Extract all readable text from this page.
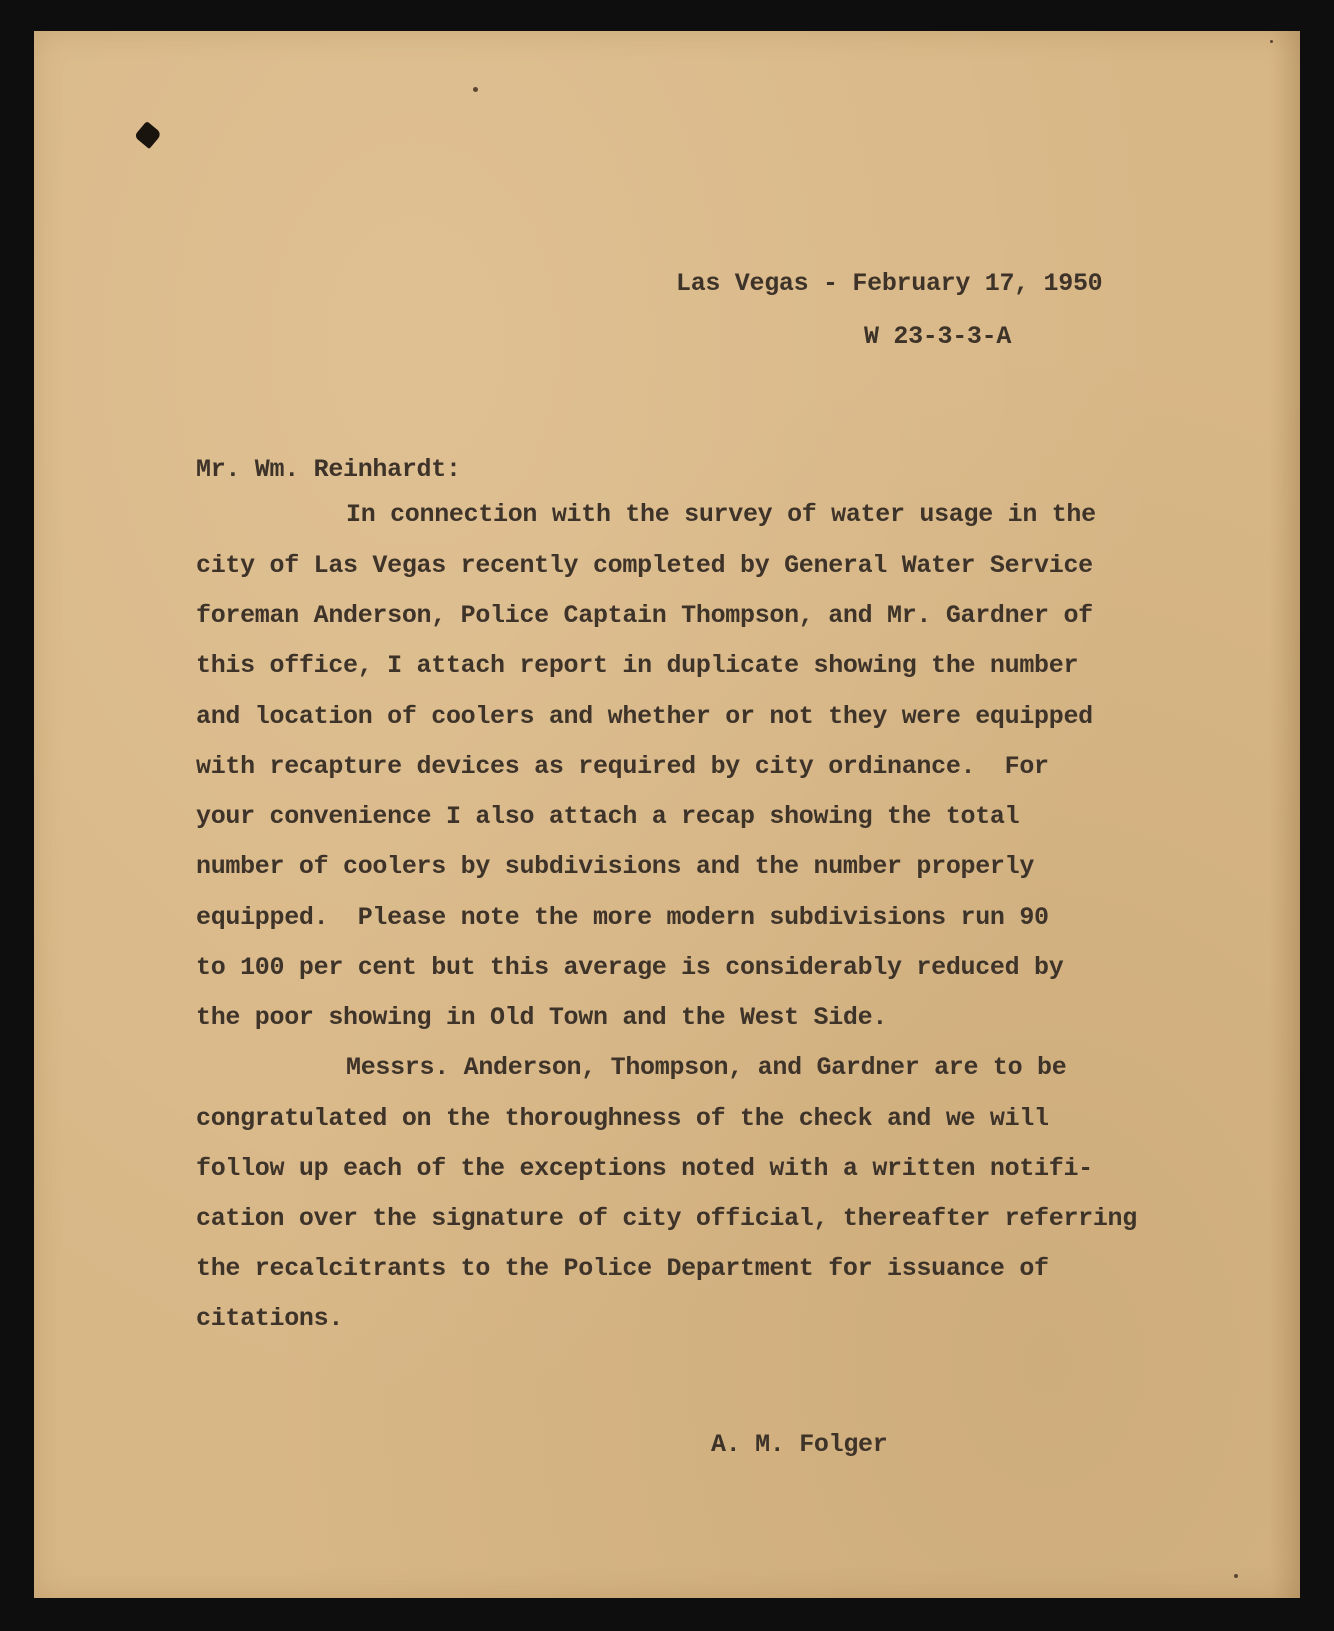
Las Vegas - February 17, 1950
W 23-3-3-A
Mr. Wm. Reinhardt:
In connection with the survey of water usage in the
city of Las Vegas recently completed by General Water Service
foreman Anderson, Police Captain Thompson, and Mr. Gardner of
this office, I attach report in duplicate showing the number
and location of coolers and whether or not they were equipped
with recapture devices as required by city ordinance.  For
your convenience I also attach a recap showing the total
number of coolers by subdivisions and the number properly
equipped.  Please note the more modern subdivisions run 90
to 100 per cent but this average is considerably reduced by
the poor showing in Old Town and the West Side.
Messrs. Anderson, Thompson, and Gardner are to be
congratulated on the thoroughness of the check and we will
follow up each of the exceptions noted with a written notifi-
cation over the signature of city official, thereafter referring
the recalcitrants to the Police Department for issuance of
citations.
A. M. Folger
